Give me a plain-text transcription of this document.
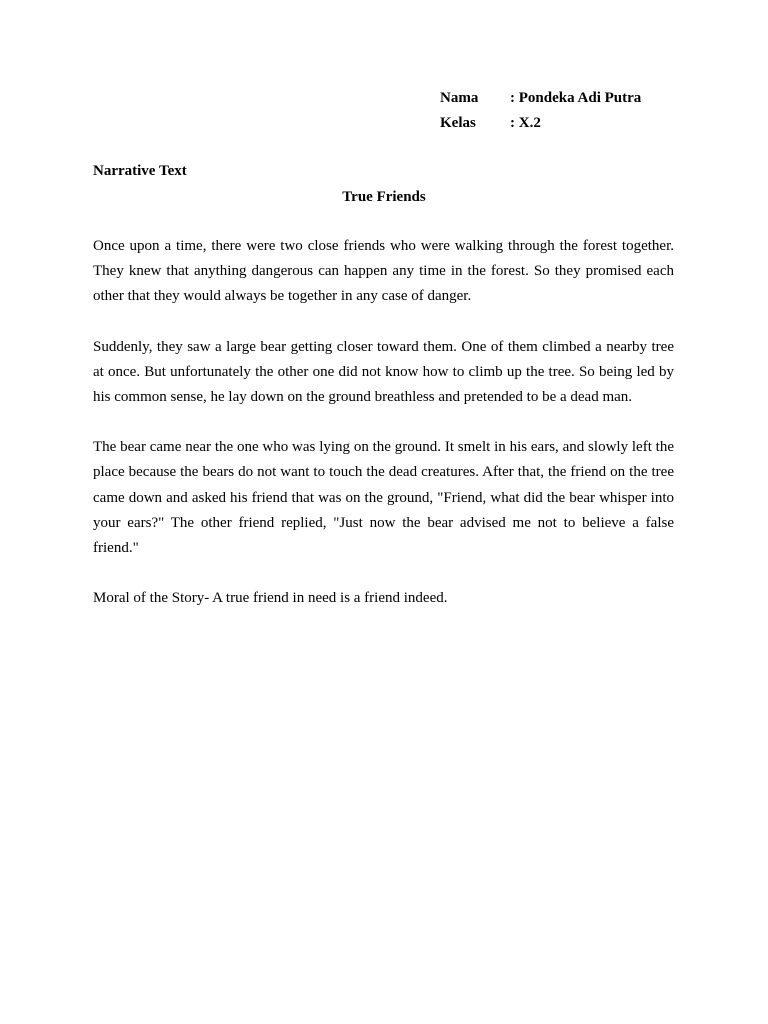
Nama	: Pondeka Adi Putra
Kelas	: X.2
Narrative Text
True Friends

Once upon a time, there were two close friends who were walking through the forest together. They knew that anything dangerous can happen any time in the forest. So they promised each other that they would always be together in any case of danger.

Suddenly, they saw a large bear getting closer toward them. One of them climbed a nearby tree at once. But unfortunately the other one did not know how to climb up the tree. So being led by his common sense, he lay down on the ground breathless and pretended to be a dead man.

The bear came near the one who was lying on the ground. It smelt in his ears, and slowly left the place because the bears do not want to touch the dead creatures. After that, the friend on the tree came down and asked his friend that was on the ground, "Friend, what did the bear whisper into your ears?" The other friend replied, "Just now the bear advised me not to believe a false friend."

Moral of the Story- A true friend in need is a friend indeed.
